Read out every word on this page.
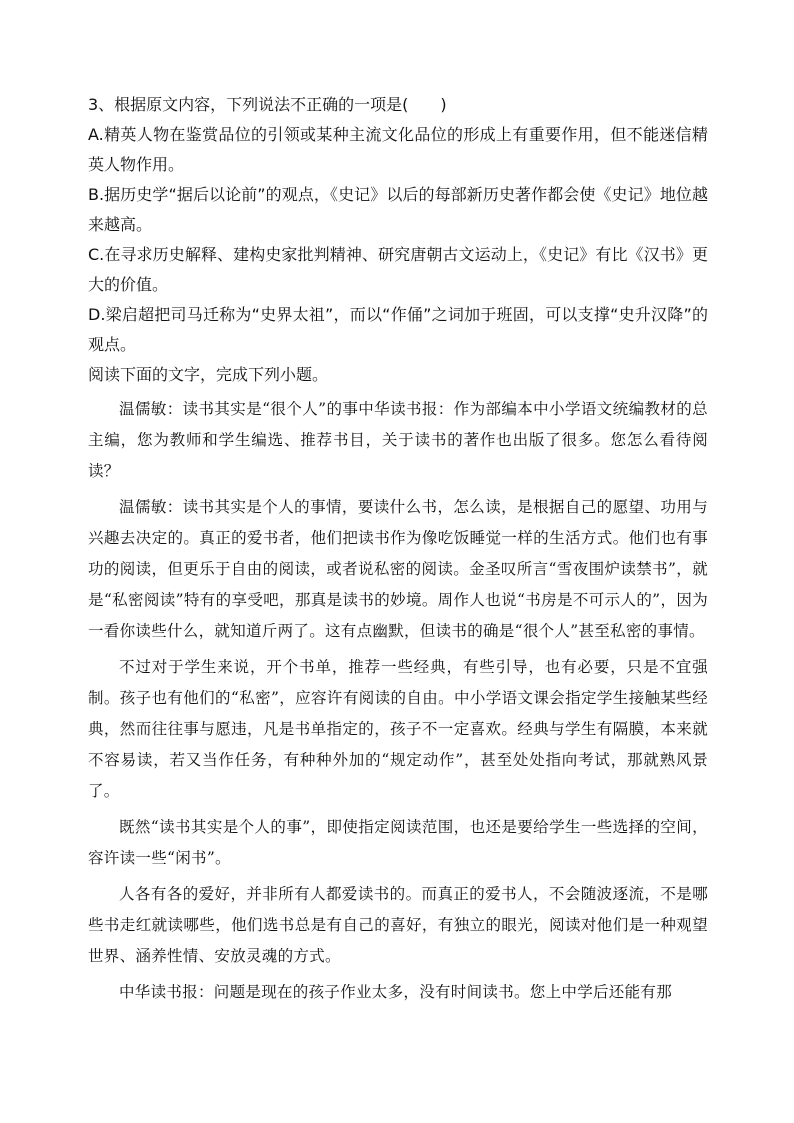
3、根据原文内容，下列说法不正确的一项是(　　)

A.精英人物在鉴赏品位的引领或某种主流文化品位的形成上有重要作用，但不能迷信精英人物作用。

B.据历史学“据后以论前”的观点，《史记》以后的每部新历史著作都会使《史记》地位越来越高。

C.在寻求历史解释、建构史家批判精神、研究唐朝古文运动上，《史记》有比《汉书》更大的价值。

D.梁启超把司马迁称为“史界太祖”，而以“作俑”之词加于班固，可以支撑“史升汉降”的观点。

阅读下面的文字，完成下列小题。

温儒敏：读书其实是“很个人”的事中华读书报：作为部编本中小学语文统编教材的总主编，您为教师和学生编选、推荐书目，关于读书的著作也出版了很多。您怎么看待阅读？

温儒敏：读书其实是个人的事情，要读什么书，怎么读，是根据自己的愿望、功用与兴趣去决定的。真正的爱书者，他们把读书作为像吃饭睡觉一样的生活方式。他们也有事功的阅读，但更乐于自由的阅读，或者说私密的阅读。金圣叹所言“雪夜围炉读禁书”，就是“私密阅读”特有的享受吧，那真是读书的妙境。周作人也说“书房是不可示人的”，因为一看你读些什么，就知道斤两了。这有点幽默，但读书的确是“很个人”甚至私密的事情。

不过对于学生来说，开个书单，推荐一些经典，有些引导，也有必要，只是不宜强制。孩子也有他们的“私密”，应容许有阅读的自由。中小学语文课会指定学生接触某些经典，然而往往事与愿违，凡是书单指定的，孩子不一定喜欢。经典与学生有隔膜，本来就不容易读，若又当作任务，有种种外加的“规定动作”，甚至处处指向考试，那就熟风景了。

既然“读书其实是个人的事”，即使指定阅读范围，也还是要给学生一些选择的空间，容许读一些“闲书”。

人各有各的爱好，并非所有人都爱读书的。而真正的爱书人，不会随波逐流，不是哪些书走红就读哪些，他们选书总是有自己的喜好，有独立的眼光，阅读对他们是一种观望世界、涵养性情、安放灵魂的方式。

中华读书报：问题是现在的孩子作业太多，没有时间读书。您上中学后还能有那
